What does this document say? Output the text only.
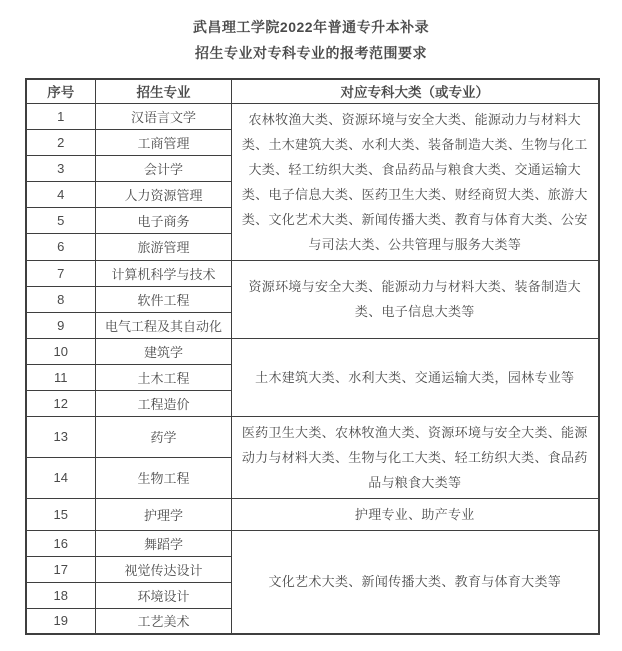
武昌理工学院2022年普通专升本补录
招生专业对专科专业的报考范围要求
序号	招生专业	对应专科大类（或专业）
1	汉语言文学	农林牧渔大类、资源环境与安全大类、能源动力与材料大类、土木建筑大类、水利大类、装备制造大类、生物与化工大类、轻工纺织大类、食品药品与粮食大类、交通运输大类、电子信息大类、医药卫生大类、财经商贸大类、旅游大类、文化艺术大类、新闻传播大类、教育与体育大类、公安与司法大类、公共管理与服务大类等
2	工商管理	
3	会计学	
4	人力资源管理	
5	电子商务	
6	旅游管理	
7	计算机科学与技术	资源环境与安全大类、能源动力与材料大类、装备制造大类、电子信息大类等
8	软件工程	
9	电气工程及其自动化	
10	建筑学	土木建筑大类、水利大类、交通运输大类，园林专业等
11	土木工程	
12	工程造价	
13	药学	医药卫生大类、农林牧渔大类、资源环境与安全大类、能源动力与材料大类、生物与化工大类、轻工纺织大类、食品药品与粮食大类等
14	生物工程	
15	护理学	护理专业、助产专业
16	舞蹈学	文化艺术大类、新闻传播大类、教育与体育大类等
17	视觉传达设计	
18	环境设计	
19	工艺美术	
